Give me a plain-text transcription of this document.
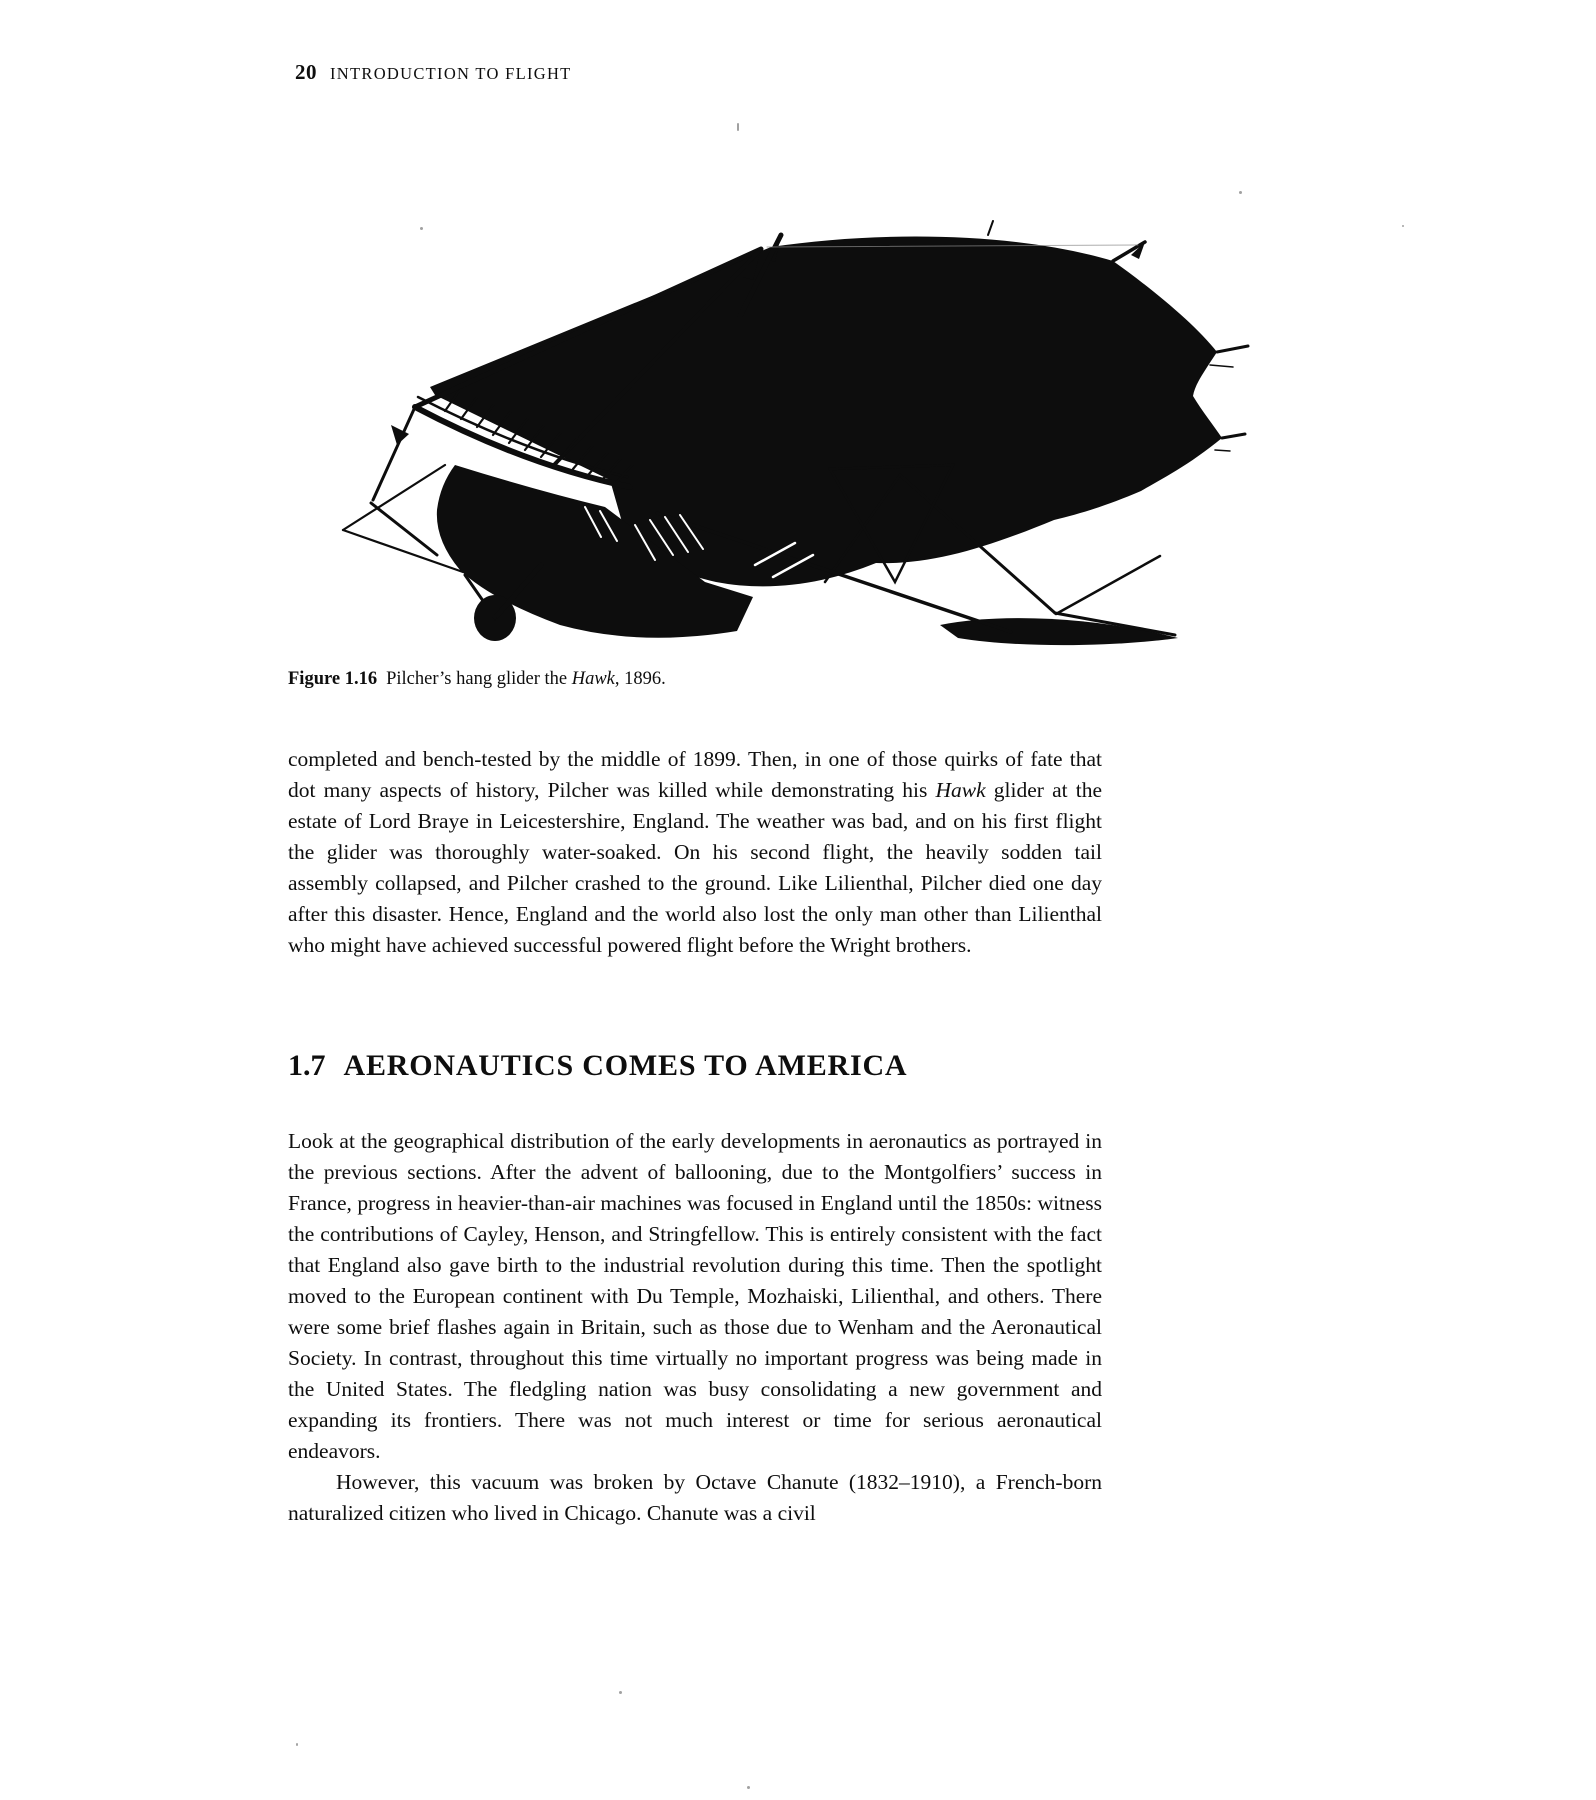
20 INTRODUCTION TO FLIGHT
Figure 1.16 Pilcher’s hang glider the Hawk, 1896.
completed and bench-tested by the middle of 1899. Then, in one of those quirks of fate that dot many aspects of history, Pilcher was killed while demonstrating his Hawk glider at the estate of Lord Braye in Leicestershire, England. The weather was bad, and on his first flight the glider was thoroughly water-soaked. On his second flight, the heavily sodden tail assembly collapsed, and Pilcher crashed to the ground. Like Lilienthal, Pilcher died one day after this disaster. Hence, England and the world also lost the only man other than Lilienthal who might have achieved successful powered flight before the Wright brothers.
1.7 AERONAUTICS COMES TO AMERICA

Look at the geographical distribution of the early developments in aeronautics as portrayed in the previous sections. After the advent of ballooning, due to the Montgolfiers’ success in France, progress in heavier-than-air machines was focused in England until the 1850s: witness the contributions of Cayley, Henson, and Stringfellow. This is entirely consistent with the fact that England also gave birth to the industrial revolution during this time. Then the spotlight moved to the European continent with Du Temple, Mozhaiski, Lilienthal, and others. There were some brief flashes again in Britain, such as those due to Wenham and the Aeronautical Society. In contrast, throughout this time virtually no important progress was being made in the United States. The fledgling nation was busy consolidating a new government and expanding its frontiers. There was not much interest or time for serious aeronautical endeavors.

However, this vacuum was broken by Octave Chanute (1832–1910), a French-born naturalized citizen who lived in Chicago. Chanute was a civil
